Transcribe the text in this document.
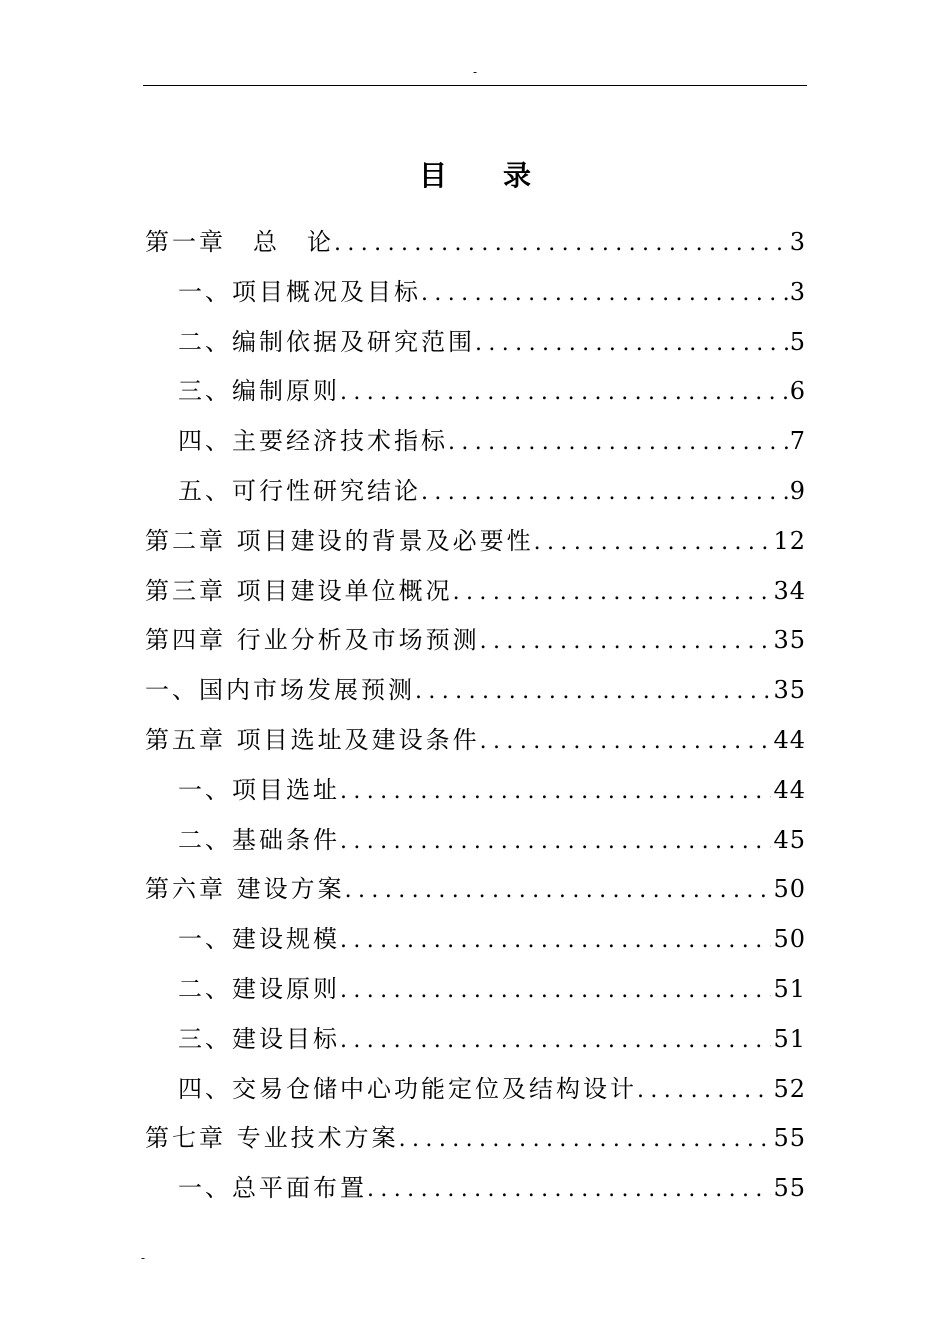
-
目 录
第一章　总　论 .....	3
一、项目概况及目标 .....	3
二、编制依据及研究范围 .....	5
三、编制原则 .....	6
四、主要经济技术指标 .....	7
五、可行性研究结论 .....	9
第二章 项目建设的背景及必要性 .....	12
第三章 项目建设单位概况 .....	34
第四章 行业分析及市场预测 .....	35
一、国内市场发展预测 .....	35
第五章 项目选址及建设条件 .....	44
一、项目选址 .....	44
二、基础条件 .....	45
第六章 建设方案 .....	50
一、建设规模 .....	50
二、建设原则 .....	51
三、建设目标 .....	51
四、交易仓储中心功能定位及结构设计 .....	52
第七章 专业技术方案 .....	55
一、总平面布置 .....	55
-
